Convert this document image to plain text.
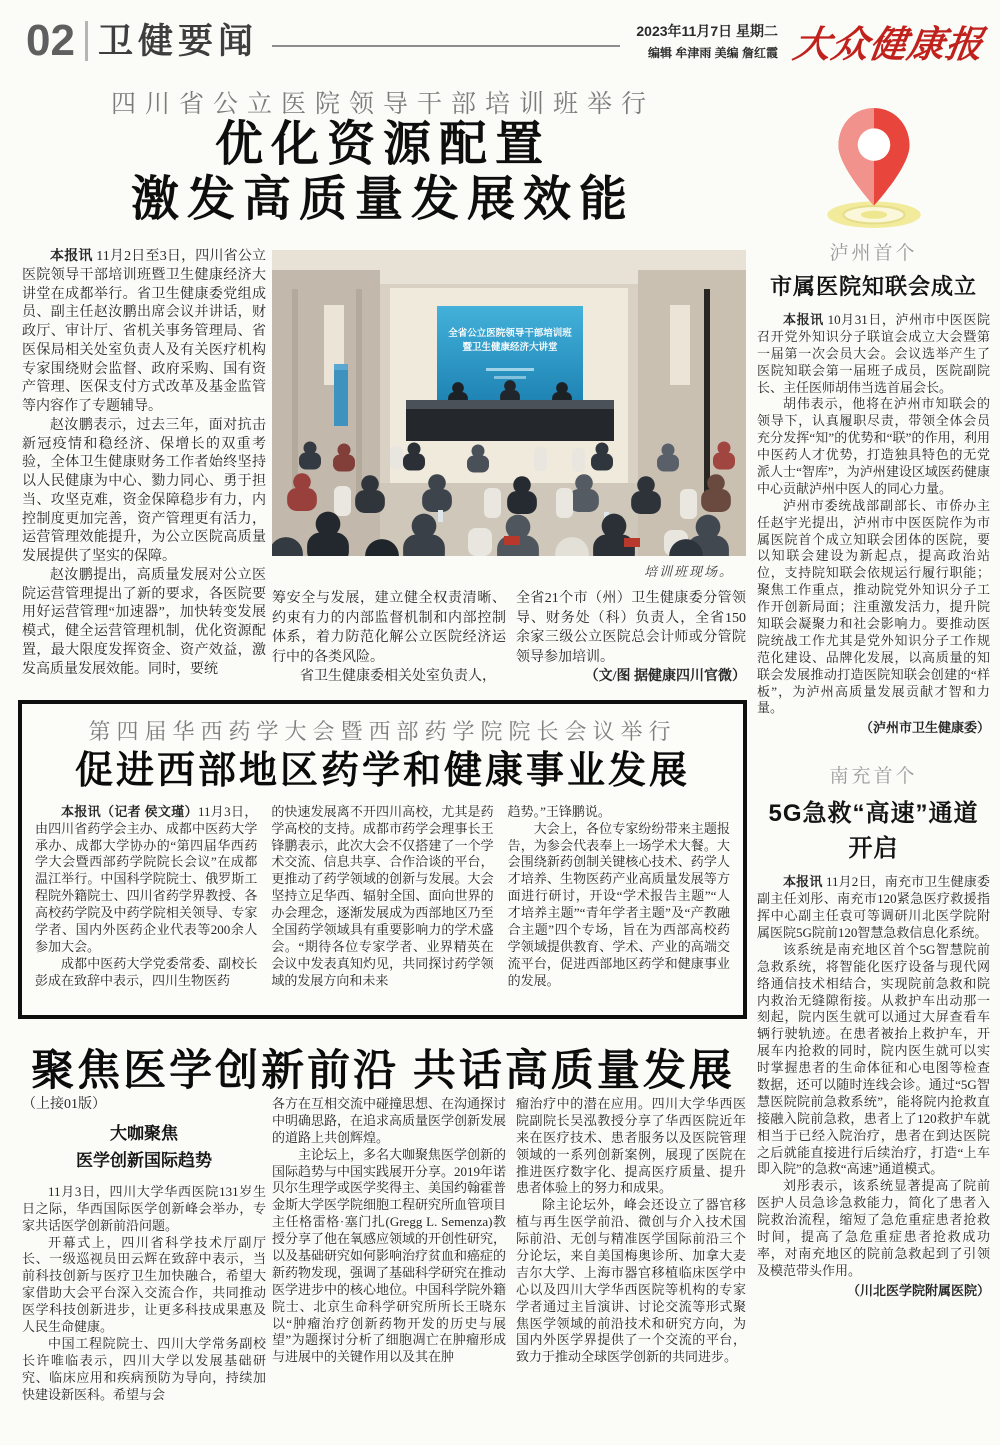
02 卫健要闻	2023年11月7日 星期二
编辑 牟津雨 美编 詹红霞 大众健康报
四川省公立医院领导干部培训班举行
优化资源配置
激发高质量发展效能

本报讯 11月2日至3日，四川省公立医院领导干部培训班暨卫生健康经济大讲堂在成都举行。省卫生健康委党组成员、副主任赵汝鹏出席会议并讲话，财政厅、审计厅、省机关事务管理局、省医保局相关处室负责人及有关医疗机构专家围绕财会监督、政府采购、国有资产管理、医保支付方式改革及基金监管等内容作了专题辅导。

赵汝鹏表示，过去三年，面对抗击新冠疫情和稳经济、保增长的双重考验，全体卫生健康财务工作者始终坚持以人民健康为中心、勠力同心、勇于担当、攻坚克难，资金保障稳步有力，内控制度更加完善，资产管理更有活力，运营管理效能提升，为公立医院高质量发展提供了坚实的保障。

赵汝鹏提出，高质量发展对公立医院运营管理提出了新的要求，各医院要用好运营管理“加速器”，加快转变发展模式，健全运营管理机制，优化资源配置，最大限度发挥资金、资产效益，激发高质量发展效能。同时，要统

全省公立医院领导干部培训班
暨卫生健康经济大讲堂
培训班现场。

筹安全与发展，建立健全权责清晰、约束有力的内部监督机制和内部控制体系，着力防范化解公立医院经济运行中的各类风险。

省卫生健康委相关处室负责人，

全省21个市（州）卫生健康委分管领导、财务处（科）负责人，全省150余家三级公立医院总会计师或分管院领导参加培训。

（文/图 据健康四川官微）

第四届华西药学大会暨西部药学院院长会议举行
促进西部地区药学和健康事业发展

本报讯（记者 侯文瑾）11月3日，由四川省药学会主办、成都中医药大学承办、成都大学协办的“第四届华西药学大会暨西部药学院院长会议”在成都温江举行。中国科学院院士、俄罗斯工程院外籍院士、四川省药学界教授、各高校药学院及中药学院相关领导、专家学者、国内外医药企业代表等200余人参加大会。

成都中医药大学党委常委、副校长彭成在致辞中表示，四川生物医药

的快速发展离不开四川高校，尤其是药学高校的支持。成都市药学会理事长王锋鹏表示，此次大会不仅搭建了一个学术交流、信息共享、合作洽谈的平台，更推动了药学领域的创新与发展。大会坚持立足华西、辐射全国、面向世界的办会理念，逐渐发展成为西部地区乃至全国药学领域具有重要影响力的学术盛会。“期待各位专家学者、业界精英在会议中发表真知灼见，共同探讨药学领域的发展方向和未来

趋势。”王锋鹏说。

大会上，各位专家纷纷带来主题报告，为参会代表奉上一场学术大餐。大会围绕新药创制关键核心技术、药学人才培养、生物医药产业高质量发展等方面进行研讨，开设“学术报告主题”“人才培养主题”“青年学者主题”及“产教融合主题”四个专场，旨在为西部高校药学领域提供教育、学术、产业的高端交流平台，促进西部地区药学和健康事业的发展。

聚焦医学创新前沿 共话高质量发展

（上接01版）

大咖聚焦
医学创新国际趋势

11月3日，四川大学华西医院131岁生日之际，华西国际医学创新峰会举办，专家共话医学创新前沿问题。

开幕式上，四川省科学技术厅副厅长、一级巡视员田云辉在致辞中表示，当前科技创新与医疗卫生加快融合，希望大家借助大会平台深入交流合作，共同推动医学科技创新进步，让更多科技成果惠及人民生命健康。

中国工程院院士、四川大学常务副校长许唯临表示，四川大学以发展基础研究、临床应用和疾病预防为导向，持续加快建设新医科。希望与会

各方在互相交流中碰撞思想、在沟通探讨中明确思路，在追求高质量医学创新发展的道路上共创辉煌。

主论坛上，多名大咖聚焦医学创新的国际趋势与中国实践展开分享。2019年诺贝尔生理学或医学奖得主、美国约翰霍普金斯大学医学院细胞工程研究所血管项目主任格雷格·塞门扎(Gregg L. Semenza)教授分享了他在氧感应领域的开创性研究，以及基础研究如何影响治疗贫血和癌症的新药物发现，强调了基础科学研究在推动医学进步中的核心地位。中国科学院外籍院士、北京生命科学研究所所长王晓东以“肿瘤治疗创新药物开发的历史与展望”为题探讨分析了细胞凋亡在肿瘤形成与进展中的关键作用以及其在肿

瘤治疗中的潜在应用。四川大学华西医院副院长吴泓教授分享了华西医院近年来在医疗技术、患者服务以及医院管理领域的一系列创新案例，展现了医院在推进医疗数字化、提高医疗质量、提升患者体验上的努力和成果。

除主论坛外，峰会还设立了器官移植与再生医学前沿、微创与介入技术国际前沿、无创与精准医学国际前沿三个分论坛，来自美国梅奥诊所、加拿大麦吉尔大学、上海市器官移植临床医学中心以及四川大学华西医院等机构的专家学者通过主旨演讲、讨论交流等形式聚焦医学领域的前沿技术和研究方向，为国内外医学界提供了一个交流的平台，致力于推动全球医学创新的共同进步。

泸州首个
市属医院知联会成立

本报讯 10月31日，泸州市中医医院召开党外知识分子联谊会成立大会暨第一届第一次会员大会。会议选举产生了医院知联会第一届班子成员，医院副院长、主任医师胡伟当选首届会长。

胡伟表示，他将在泸州市知联会的领导下，认真履职尽责，带领全体会员充分发挥“知”的优势和“联”的作用，利用中医药人才优势，打造独具特色的无党派人士“智库”，为泸州建设区域医药健康中心贡献泸州中医人的同心力量。

泸州市委统战部副部长、市侨办主任赵宇光提出，泸州市中医医院作为市属医院首个成立知联会团体的医院，要以知联会建设为新起点，提高政治站位，支持院知联会依规运行履行职能；聚焦工作重点，推动院党外知识分子工作开创新局面；注重激发活力，提升院知联会凝聚力和社会影响力。要推动医院统战工作尤其是党外知识分子工作规范化建设、品牌化发展，以高质量的知联会发展推动打造医院知联会创建的“样板”，为泸州高质量发展贡献才智和力量。

（泸州市卫生健康委）
南充首个
5G急救“高速”通道开启

本报讯 11月2日，南充市卫生健康委副主任刘彤、南充市120紧急医疗救援指挥中心副主任袁可等调研川北医学院附属医院5G院前120智慧急救信息化系统。

该系统是南充地区首个5G智慧院前急救系统，将智能化医疗设备与现代网络通信技术相结合，实现院前急救和院内救治无缝隙衔接。从救护车出动那一刻起，院内医生就可以通过大屏查看车辆行驶轨迹。在患者被抬上救护车，开展车内抢救的同时，院内医生就可以实时掌握患者的生命体征和心电图等检查数据，还可以随时连线会诊。通过“5G智慧医院院前急救系统”，能将院内抢救直接融入院前急救，患者上了120救护车就相当于已经入院治疗，患者在到达医院之后就能直接进行后续治疗，打造“上车即入院”的急救“高速”通道模式。

刘彤表示，该系统显著提高了院前医护人员急诊急救能力，简化了患者入院救治流程，缩短了急危重症患者抢救时间，提高了急危重症患者抢救成功率，对南充地区的院前急救起到了引领及模范带头作用。

（川北医学院附属医院）
